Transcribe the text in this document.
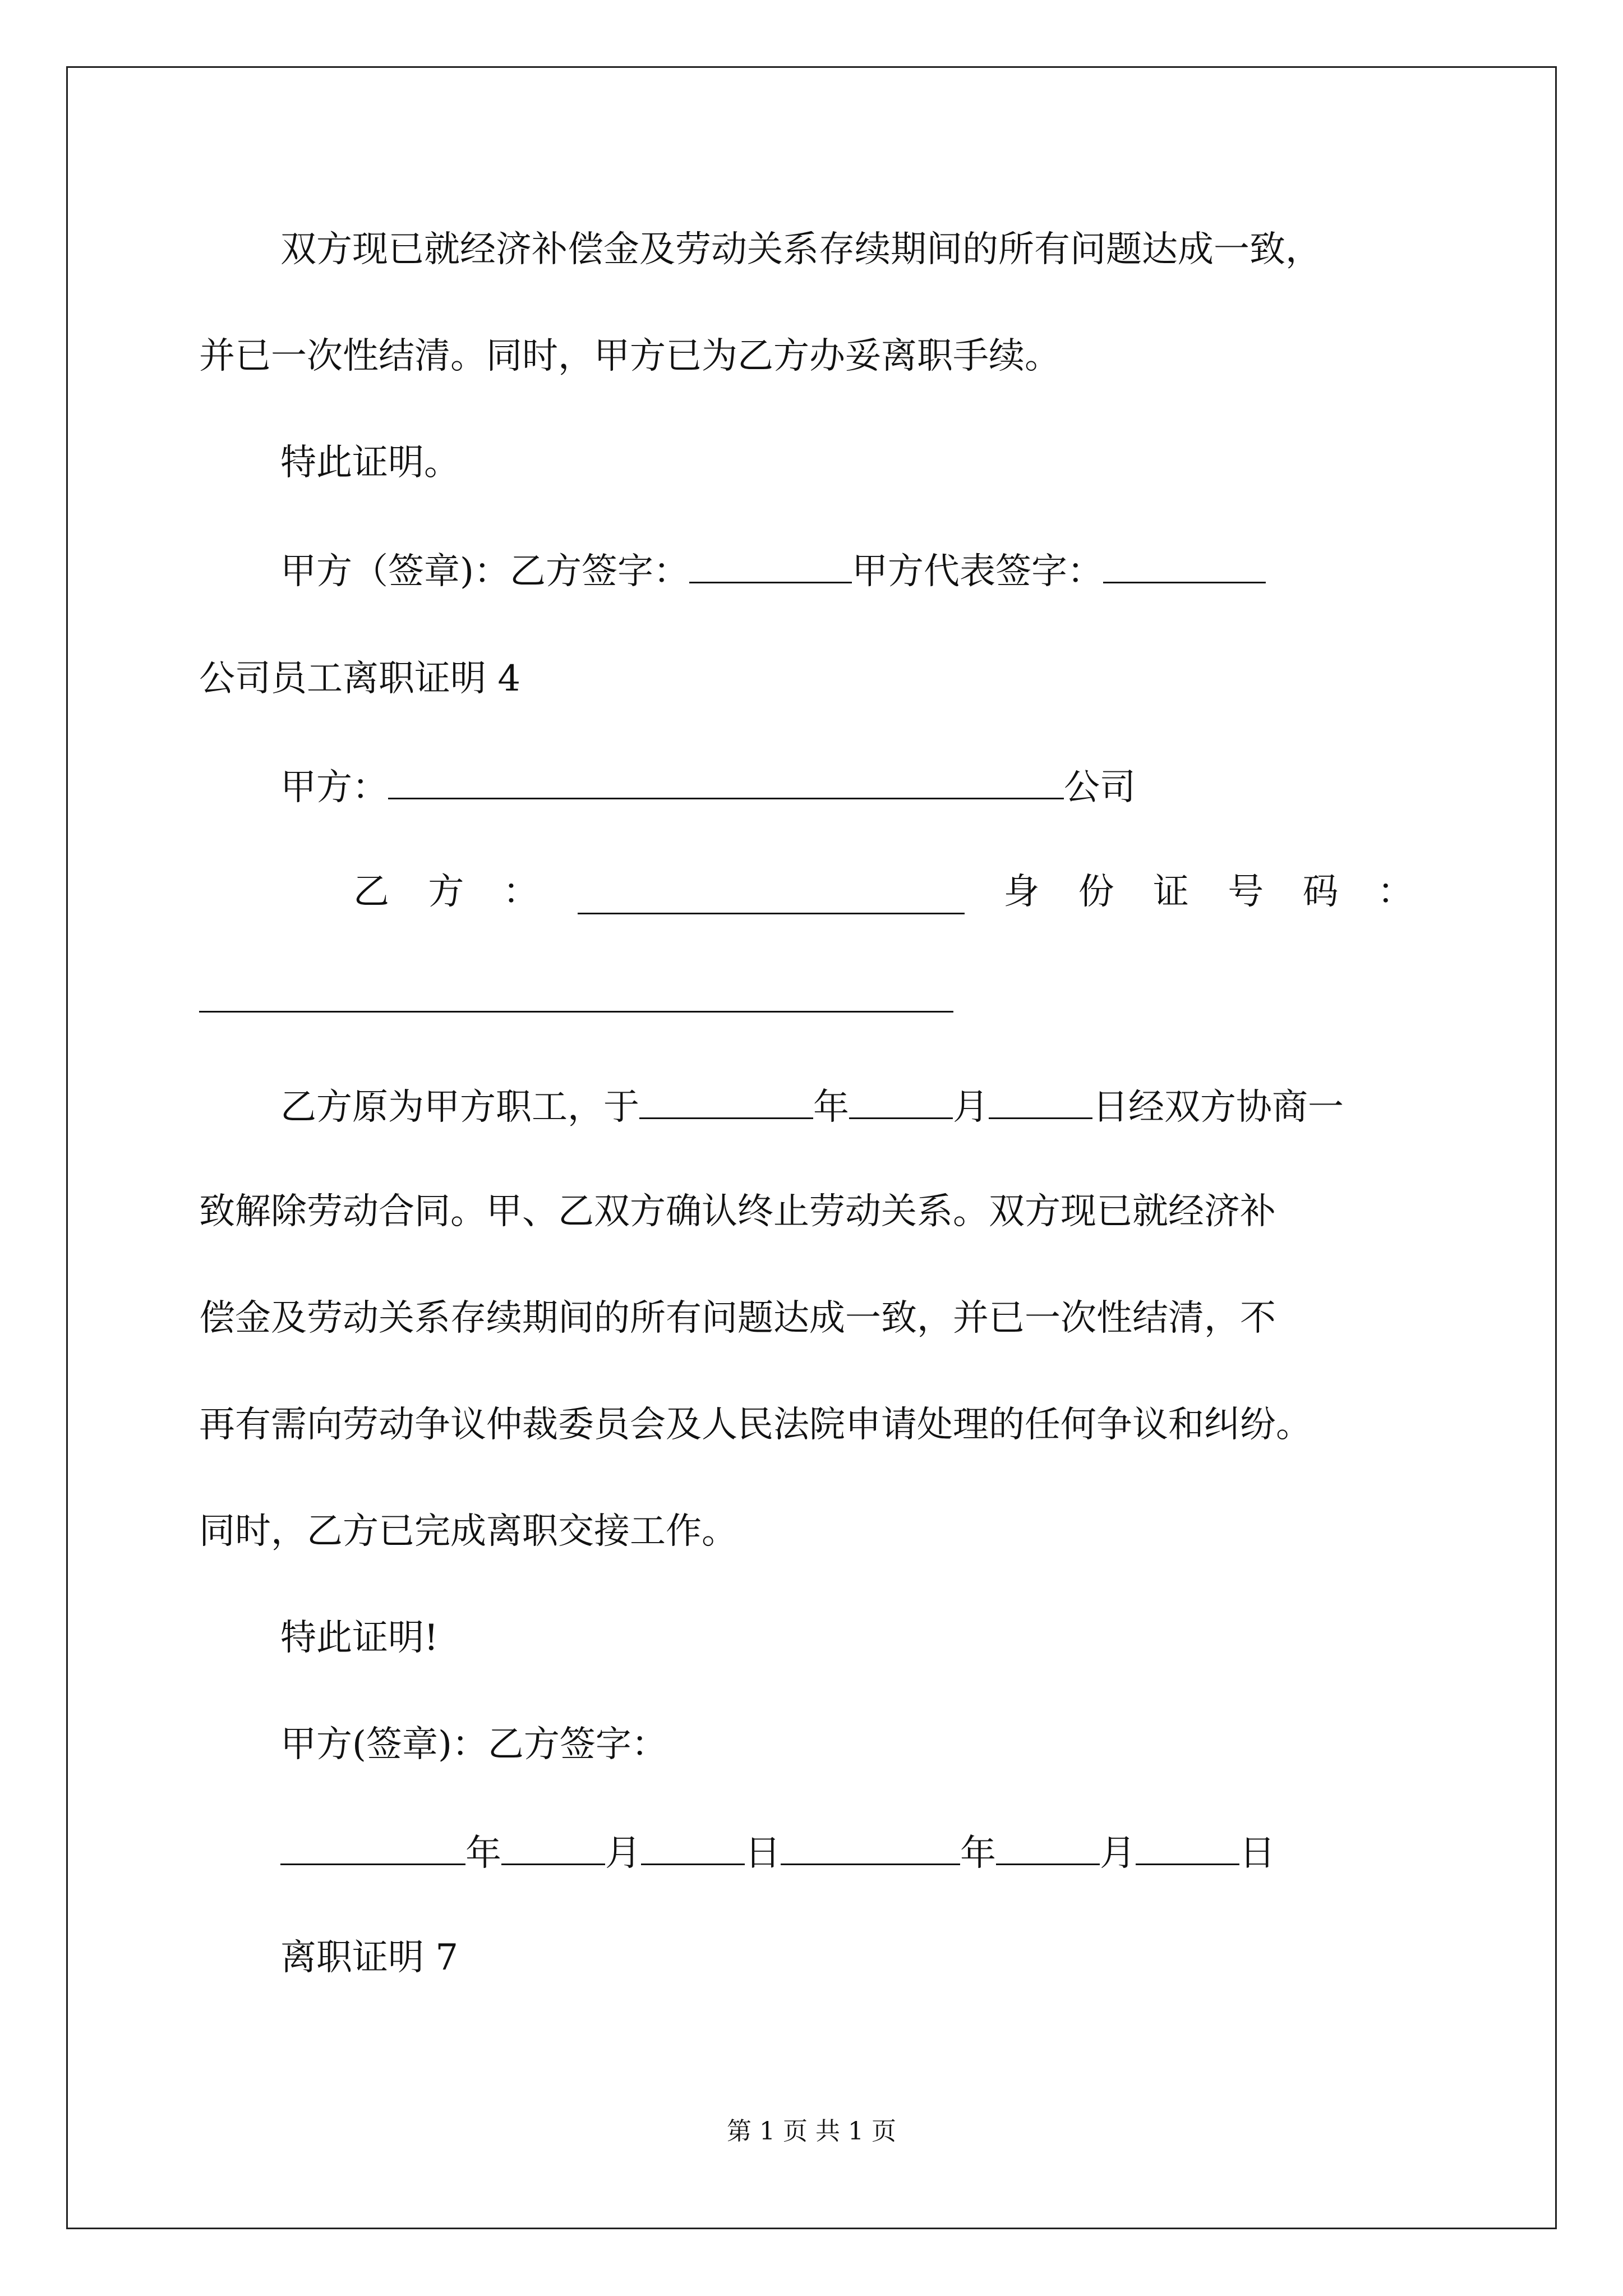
双方现已就经济补偿金及劳动关系存续期间的所有问题达成一致，
并已一次性结清。同时，甲方已为乙方办妥离职手续。
特此证明。
甲方（签章)：乙方签字：	甲方代表签字：
公司员工离职证明 4
甲方：	公司
乙 方 ：	身 份 证 号 码 ：
乙方原为甲方职工，于	年	月	日经双方协商一
致解除劳动合同。甲、乙双方确认终止劳动关系。双方现已就经济补
偿金及劳动关系存续期间的所有问题达成一致，并已一次性结清，不
再有需向劳动争议仲裁委员会及人民法院申请处理的任何争议和纠纷。
同时，乙方已完成离职交接工作。
特此证明!
甲方(签章)：乙方签字：
年	月	日	年	月	日
离职证明 7
第 1 页 共 1 页
